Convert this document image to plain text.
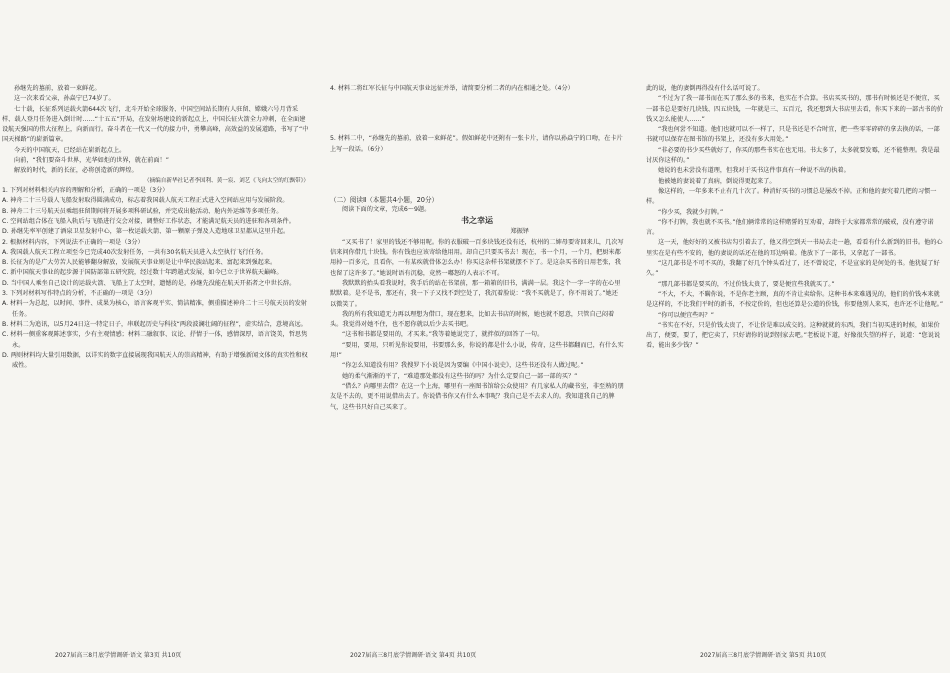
孙继先的墓前，放着一束鲜花。

这一次来看父亲，孙焱宁已74岁了。

七十载，长征系列运载火箭644次飞行，北斗开始全球服务、中国空间站长期有人驻留、嫦娥六号月背采样、载人登月任务进入倒计时……“十五五”开局，在发射场建设的新起点上，中国长征火箭全力冲刺，在全面建设航天强国的伟大征程上，向新而行。奋斗者在一代又一代的接力中，勇攀高峰，高效益的发展道路，书写了“中国天梯路”的崭新篇章。

今天的中国航天，已经站在崭新起点上。

向前，“我们要奋斗世界，光华如炬的世界，就在前面！”

解放的时代，新的长征，必将创造新的辉煌。

（摘编自新华社记者李国利、黄一宸、刘艺《飞向太空的红飘带》）

1. 下列对材料相关内容的理解和分析，正确的一项是（3分）

A. 神舟二十三号载人飞船发射取得圆满成功，标志着我国载人航天工程正式进入空间站应用与发展阶段。

B. 神舟二十三号航天员乘组驻留期间将开展多项科研试验，并完成出舱活动、舱内外运维等多项任务。

C. 空间站组合体在飞船入轨后与飞船进行交会对接，调整好工作状态，才能满足航天员的进驻和各项条件。

D. 孙继先率军创建了酒泉卫星发射中心，第一枚运载火箭、第一颗原子弹及人造地球卫星都从这里升起。

2. 根据材料内容，下列说法不正确的一项是（3分）

A. 我国载人航天工程立项至今已完成40次发射任务，一共有30名航天员进入太空执行飞行任务。

B. 长征为的是广大劳苦人民能够翻身解放，发展航天事业则是让中华民族站起来、富起来到强起来。

C. 新中国航天事业的起步源于国防部第五研究院，经过数十年跨越式发展，如今已立于世界航天巅峰。

D. 当中国人乘坐自己设计的运载火箭、飞船上了太空时，遗憾的是，孙继先没能在航天开拓者之中世长辞。

3. 下列对材料写作特点的分析，不正确的一项是（3分）

A. 材料一为总起，以时间、事件、成果为核心，语言客观平实、简洁精准，侧重描述神舟二十三号航天员的发射任务。

B. 材料二为追讯，以5月24日这一特定日子，串联起历史与科技“两段波澜壮阔的征程”，虚实结合，意境高远。

C. 材料一侧重客观陈述事实，少有主观情感；材料二融叙事、议论、抒情于一体，感情深厚，语言饶美，哲思隽永。

D. 两则材料均大量引用数据，以详实的数字直接展现我国航天人的崇高精神，有助于增强新闻文体的真实性和权威性。

4. 材料二将红军长征与中国航天事业远征并举，请简要分析二者的内在相通之处。（4分）

5. 材料二中，“孙继先的墓前，放着一束鲜花”。假如鲜花中还附有一张卡片，请你以孙焱宁的口吻，在卡片上写一段话。（6分）

（二）阅读Ⅱ（本题共4小题，20分）

阅读下面的文章，完成6～9题。

书之幸运

郑振铎

“又买书了！家里的钱还不够用呢。你的衣服破一百多块钱还没有还，杭州的二婶母要寄回来儿，几次写信来问你借几十块钱。你有钱也应该寄给他用用。却自己只要买书去！现在，书一个月，一个月，把厨米都用掉一百多元，且看你，一有某疾就骨体怎么办！你买这杂样书架就摆不下了。是这杂买书的日用老张，我也留了这许多了。”她说时语有沉稳，竟然一嘟怒的人表示不可。

我默默的抬头看我说时，我手后的站在书架前，那一箱箱的旧书，满满一层。我这个一字一字的在心里默默着。是不是书，那还有，我一下子又找不到空处了，我沉着脸说：“我不买就是了，你不用说了。”她还以微笑了。

我的所有我知道无力再以理想为借口，现在想来，比如去书店的时候，她也就不愿意，只管自己闷着头。我觉得对她不住，也不愿你就以后少去买书吧。

“这书和书都是要用的，才买来。”我等着她说完了，就拌似的回答了一句。

“要用，要用，只听见你说要用，书要那么多，你说的都是什么小说，传奇，这些书都翻而已，有什么实用!”

“你怎么知道没有用？我搜罗下小说是因为要编《中国小说史》，这些书还没有人做过呢。”

她的柔气渐渐的平了，“难道那处都没有这些书的吗？为什么定要自己一部一部的买？”

“借么？向哪里去借？在这一个上海，哪里有一座图书馆给公众使用？有几家私人的藏书室，非至熟的朋友是不去的，更不用说借出去了。你说借书你又有什么本事呢？我自己是不去求人的。我知道我自己的脾气，这些书只好自己买来了。

此的说，他的妻倒再得没有什么话可说了。

“不过为了我一部书而在买了那么多的书来，也实在不合算。书店买买书的，那书有时候还是不便宜，买一部书总是要好几块钱、四五块钱，一年就是三、五百元，我还想到大书店里去看，你买下来的一部古书的价钱又怎么能使人……”

“我也何尝不知道。他们也就可以不一样了，只是书还是不合时宜，把一些零零碎碎的拿去换的话，一部书就可以保存在图书馆的书架上，还没有多大用处。”

“非必要的书少买些就好了，你买的那些书实在也无用。书太多了，太多就要发霉，还不能整理。我是最讨厌你这样的。”

她说的也未尝没有道理，但我对于买书这件事真有一种说不出的执着。

他被她的妻说着了真病，倒说得更起来了。

像这样的，一年多来不止有几十次了。种消好买书的习惯总是屡改不掉。正和他的妻究着几把的习惯一样。

“你少买，我就少打牌。”

“你不打牌，我也就不买书。”他们俩常常的这样赌誓的互劝着，却终于大家都常常的破戒，没有遵守诺言。

这一天，他好好的又被书店勾引着去了，他又得空到天一书局去走一趟，看看有什么新到的旧书。他的心里实在是有些不安的，他的妻说的话还在他的耳边响着。他放下了一部书，又拿起了一部书。

“这几部书是不可不买的，我翻了好几个钟头看过了，还不曾说定，不是宣家的是何处的书。他犹疑了好久。”

“那几部书都是要买的，不过价钱太贵了，要是便宜些我就买了。”

“不大，不大，不瞒你说，不是你老主顾，真的不肯让卖给你。这种书本来难遇见的，他们的价钱本来就是这样的，不比我们平时的新书，不按定价的，但也还算是公道的价钱，你要他别人来买，也许还不让他呢。”

“你可以便宜些吗？”

“书实在不好，只是价钱太贵了，不让价是难以成交的。这种就就的东西，我们当初买进的时候，如果价出了，便要，要了，把它卖了，只好请你的说到别家去吧。”老板说下道，好像很失望的样子，说道：“您说说看，能出多少钱？”

2027届高三8月底学情调研·语文 第3页 共10页	2027届高三8月底学情调研·语文 第4页 共10页	2027届高三8月底学情调研·语文 第5页 共10页
